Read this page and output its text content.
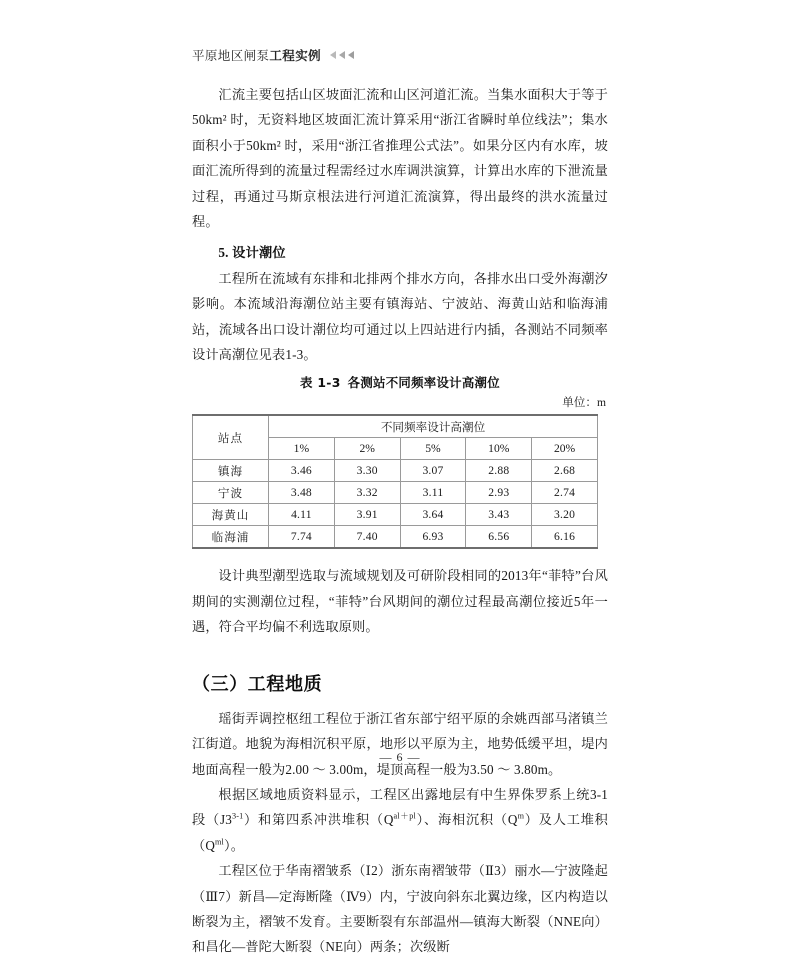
平原地区闸泵工程实例

汇流主要包括山区坡面汇流和山区河道汇流。当集水面积大于等于50km² 时，无资料地区坡面汇流计算采用“浙江省瞬时单位线法”；集水面积小于50km² 时，采用“浙江省推理公式法”。如果分区内有水库，坡面汇流所得到的流量过程需经过水库调洪演算，计算出水库的下泄流量过程，再通过马斯京根法进行河道汇流演算，得出最终的洪水流量过程。

5. 设计潮位

工程所在流域有东排和北排两个排水方向，各排水出口受外海潮汐影响。本流域沿海潮位站主要有镇海站、宁波站、海黄山站和临海浦站，流域各出口设计潮位均可通过以上四站进行内插，各测站不同频率设计高潮位见表1-3。

表 1-3 各测站不同频率设计高潮位
单位：m
站点	不同频率设计高潮位				
	1%	2%	5%	10%	20%
镇海	3.46	3.30	3.07	2.88	2.68
宁波	3.48	3.32	3.11	2.93	2.74
海黄山	4.11	3.91	3.64	3.43	3.20
临海浦	7.74	7.40	6.93	6.56	6.16

设计典型潮型选取与流域规划及可研阶段相同的2013年“菲特”台风期间的实测潮位过程，“菲特”台风期间的潮位过程最高潮位接近5年一遇，符合平均偏不利选取原则。

（三）工程地质

瑶街弄调控枢纽工程位于浙江省东部宁绍平原的余姚西部马渚镇兰江街道。地貌为海相沉积平原，地形以平原为主，地势低缓平坦，堤内地面高程一般为2.00 ～ 3.00m，堤顶高程一般为3.50 ～ 3.80m。

根据区域地质资料显示，工程区出露地层有中生界侏罗系上统3-1段（J3$^{3-1}$）和第四系冲洪堆积$(Q^{al+pl})$、海相沉积$(Q^m)$及人工堆积$(Q^{ml})$。

工程区位于华南褶皱系（Ⅰ2）浙东南褶皱带（Ⅱ3）丽水—宁波隆起（Ⅲ7）新昌—定海断隆（Ⅳ9）内，宁波向斜东北翼边缘，区内构造以断裂为主，褶皱不发育。主要断裂有东部温州—镇海大断裂（NNE向）和昌化—普陀大断裂（NE向）两条；次级断

— 6 —
